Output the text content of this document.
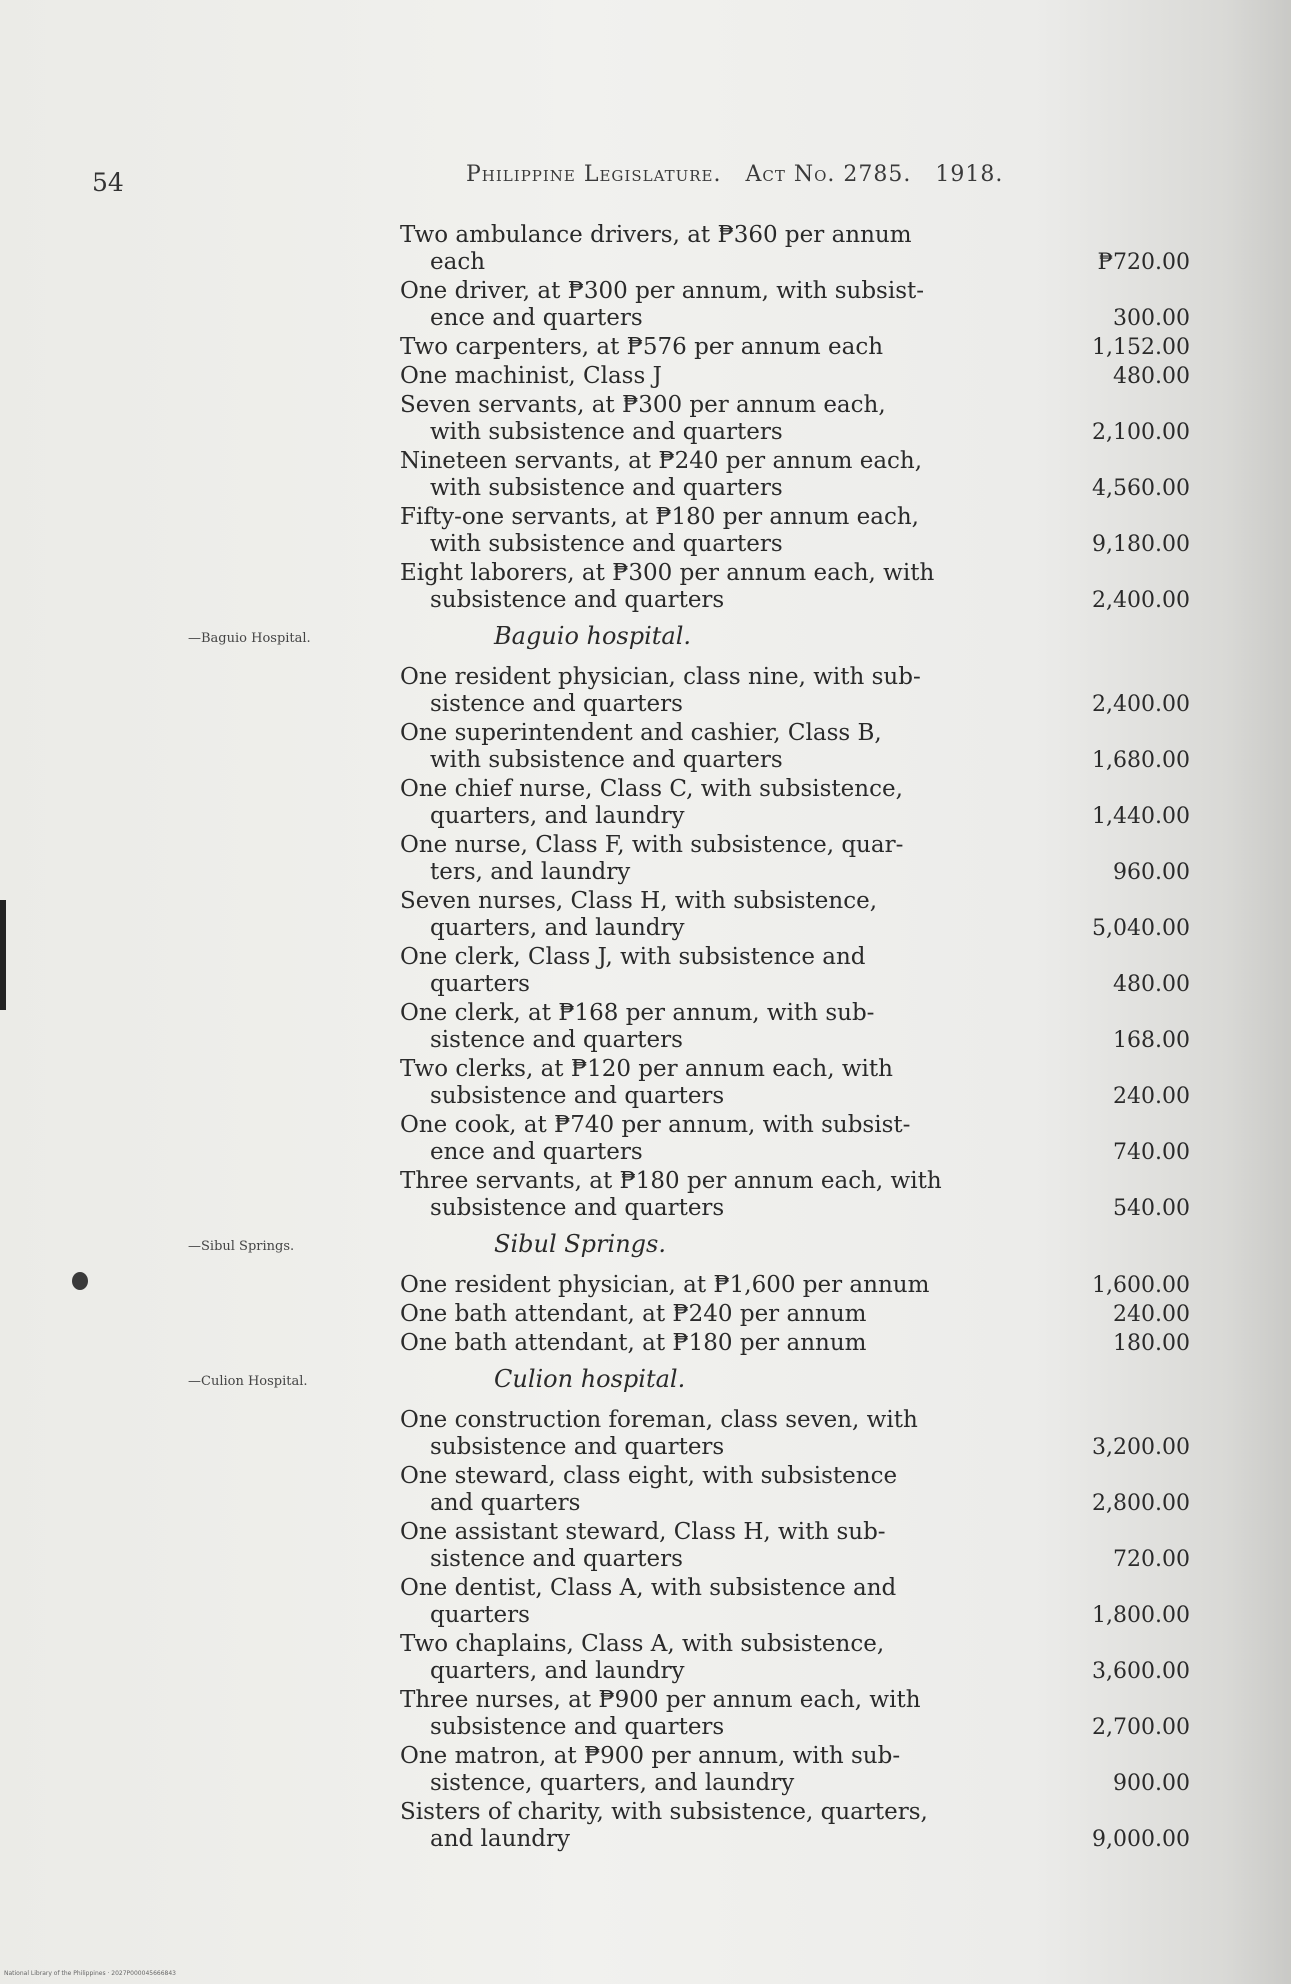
54	Philippine Legislature. Act No. 2785. 1918.
Two ambulance drivers, at ₱360 per annum
each	₱720.00
One driver, at ₱300 per annum, with subsist-
ence and quarters	300.00
Two carpenters, at ₱576 per annum each	1,152.00
One machinist, Class J	480.00
Seven servants, at ₱300 per annum each,
with subsistence and quarters	2,100.00
Nineteen servants, at ₱240 per annum each,
with subsistence and quarters	4,560.00
Fifty-one servants, at ₱180 per annum each,
with subsistence and quarters	9,180.00
Eight laborers, at ₱300 per annum each, with
subsistence and quarters	2,400.00
—Baguio Hospital.	Baguio hospital.
One resident physician, class nine, with sub-
sistence and quarters	2,400.00
One superintendent and cashier, Class B,
with subsistence and quarters	1,680.00
One chief nurse, Class C, with subsistence,
quarters, and laundry	1,440.00
One nurse, Class F, with subsistence, quar-
ters, and laundry	960.00
Seven nurses, Class H, with subsistence,
quarters, and laundry	5,040.00
One clerk, Class J, with subsistence and
quarters	480.00
One clerk, at ₱168 per annum, with sub-
sistence and quarters	168.00
Two clerks, at ₱120 per annum each, with
subsistence and quarters	240.00
One cook, at ₱740 per annum, with subsist-
ence and quarters	740.00
Three servants, at ₱180 per annum each, with
subsistence and quarters	540.00
—Sibul Springs.	Sibul Springs.
One resident physician, at ₱1,600 per annum	1,600.00
One bath attendant, at ₱240 per annum	240.00
One bath attendant, at ₱180 per annum	180.00
—Culion Hospital.	Culion hospital.
One construction foreman, class seven, with
subsistence and quarters	3,200.00
One steward, class eight, with subsistence
and quarters	2,800.00
One assistant steward, Class H, with sub-
sistence and quarters	720.00
One dentist, Class A, with subsistence and
quarters	1,800.00
Two chaplains, Class A, with subsistence,
quarters, and laundry	3,600.00
Three nurses, at ₱900 per annum each, with
subsistence and quarters	2,700.00
One matron, at ₱900 per annum, with sub-
sistence, quarters, and laundry	900.00
Sisters of charity, with subsistence, quarters,
and laundry	9,000.00
National Library of the Philippines · 2027P000045666843
